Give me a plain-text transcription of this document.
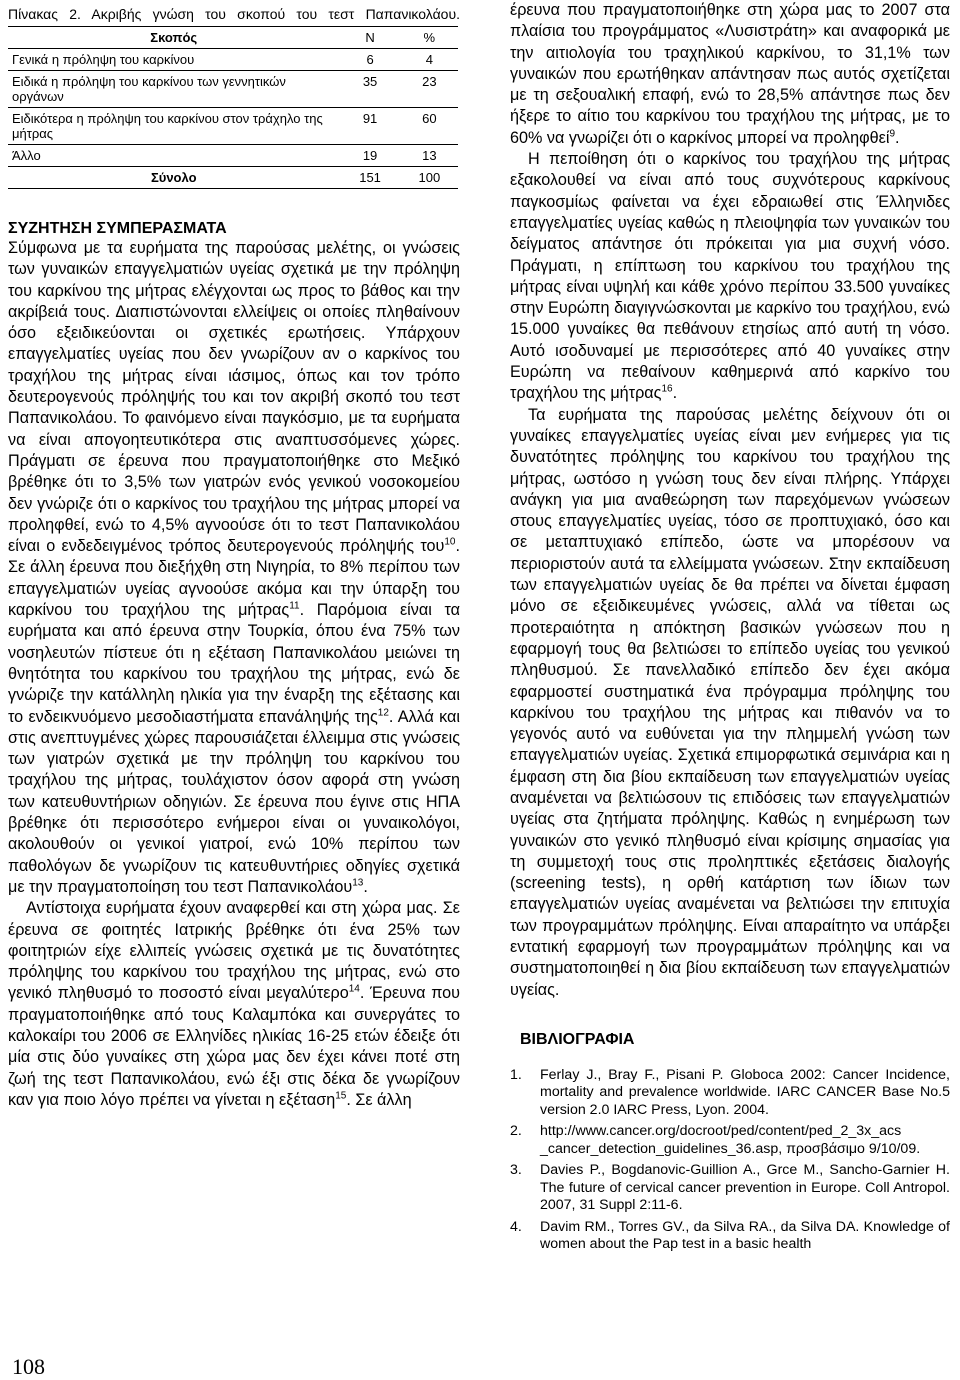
Πίνακας 2. Ακριβής γνώση του σκοπού του τεστ Παπανικολάου.

Σκοπός	Ν	%
Γενικά η πρόληψη του καρκίνου	6	4
Ειδικά η πρόληψη του καρκίνου των γεννητικών οργάνων	35	23
Ειδικότερα η πρόληψη του καρκίνου στον τράχηλο της μήτρας	91	60
Άλλο	19	13
Σύνολο	151	100
ΣΥΖΗΤΗΣΗ ΣΥΜΠΕΡΑΣΜΑΤΑ

Σύμφωνα με τα ευρήματα της παρούσας μελέτης, οι γνώσεις των γυναικών επαγγελματιών υγείας σχετικά με την πρόληψη του καρκίνου της μήτρας ελέγχονται ως προς το βάθος και την ακρίβειά τους. Διαπιστώνονται ελλείψεις οι οποίες πληθαίνουν όσο εξειδικεύονται οι σχετικές ερωτήσεις. Υπάρχουν επαγγελματίες υγείας που δεν γνωρίζουν αν ο καρκίνος του τραχήλου της μήτρας είναι ιάσιμος, όπως και τον τρόπο δευτερογενούς πρόληψής του και τον ακριβή σκοπό του τεστ Παπανικολάου. Το φαινόμενο είναι παγκόσμιο, με τα ευρήματα να είναι απογοητευτικότερα στις αναπτυσσόμενες χώρες. Πράγματι σε έρευνα που πραγματοποιήθηκε στο Μεξικό βρέθηκε ότι το 3,5% των γιατρών ενός γενικού νοσοκομείου δεν γνώριζε ότι ο καρκίνος του τραχήλου της μήτρας μπορεί να προληφθεί, ενώ το 4,5% αγνοούσε ότι το τεστ Παπανικολάου είναι ο ενδεδειγμένος τρόπος δευτερογενούς πρόληψής του$^{10}$. Σε άλλη έρευνα που διεξήχθη στη Νιγηρία, το 8% περίπου των επαγγελματιών υγείας αγνοούσε ακόμα και την ύπαρξη του καρκίνου του τραχήλου της μήτρας$^{11}$. Παρόμοια είναι τα ευρήματα και από έρευνα στην Τουρκία, όπου ένα 75% των νοσηλευτών πίστευε ότι η εξέταση Παπανικολάου μειώνει τη θνητότητα του καρκίνου του τραχήλου της μήτρας, ενώ δε γνώριζε την κατάλληλη ηλικία για την έναρξη της εξέτασης και το ενδεικνυόμενο μεσοδιαστήματα επανάληψής της$^{12}$. Αλλά και στις ανεπτυγμένες χώρες παρουσιάζεται έλλειμμα στις γνώσεις των γιατρών σχετικά με την πρόληψη του καρκίνου του τραχήλου της μήτρας, τουλάχιστον όσον αφορά στη γνώση των κατευθυντήριων οδηγιών. Σε έρευνα που έγινε στις ΗΠΑ βρέθηκε ότι περισσότερο ενήμεροι είναι οι γυναικολόγοι, ακολουθούν οι γενικοί γιατροί, ενώ 10% περίπου των παθολόγων δε γνωρίζουν τις κατευθυντήριες οδηγίες σχετικά με την πραγματοποίηση του τεστ Παπανικολάου$^{13}$.

Αντίστοιχα ευρήματα έχουν αναφερθεί και στη χώρα μας. Σε έρευνα σε φοιτητές Ιατρικής βρέθηκε ότι ένα 25% των φοιτητριών είχε ελλιπείς γνώσεις σχετικά με τις δυνατότητες πρόληψης του καρκίνου του τραχήλου της μήτρας, ενώ στο γενικό πληθυσμό το ποσοστό είναι μεγαλύτερο$^{14}$. Έρευνα που πραγματοποιήθηκε από τους Καλαμπόκα και συνεργάτες το καλοκαίρι του 2006 σε Ελληνίδες ηλικίας 16-25 ετών έδειξε ότι μία στις δύο γυναίκες στη χώρα μας δεν έχει κάνει ποτέ στη ζωή της τεστ Παπανικολάου, ενώ έξι στις δέκα δε γνωρίζουν καν για ποιο λόγο πρέπει να γίνεται η εξέταση$^{15}$. Σε άλλη

έρευνα που πραγματοποιήθηκε στη χώρα μας το 2007 στα πλαίσια του προγράμματος «Λυσιστράτη» και αναφορικά με την αιτιολογία του τραχηλικού καρκίνου, το 31,1% των γυναικών που ερωτήθηκαν απάντησαν πως αυτός σχετίζεται με τη σεξουαλική επαφή, ενώ το 28,5% απάντησε πως δεν ήξερε το αίτιο του καρκίνου του τραχήλου της μήτρας, με το 60% να γνωρίζει ότι ο καρκίνος μπορεί να προληφθεί$^9$.

Η πεποίθηση ότι ο καρκίνος του τραχήλου της μήτρας εξακολουθεί να είναι από τους συχνότερους καρκίνους παγκοσμίως φαίνεται να έχει εδραιωθεί στις Έλληνιδες επαγγελματίες υγείας καθώς η πλειοψηφία των γυναικών του δείγματος απάντησε ότι πρόκειται για μια συχνή νόσο. Πράγματι, η επίπτωση του καρκίνου του τραχήλου της μήτρας είναι υψηλή και κάθε χρόνο περίπου 33.500 γυναίκες στην Ευρώπη διαγιγνώσκονται με καρκίνο του τραχήλου, ενώ 15.000 γυναίκες θα πεθάνουν ετησίως από αυτή τη νόσο. Αυτό ισοδυναμεί με περισσότερες από 40 γυναίκες στην Ευρώπη να πεθαίνουν καθημερινά από καρκίνο του τραχήλου της μήτρας$^{16}$.

Τα ευρήματα της παρούσας μελέτης δείχνουν ότι οι γυναίκες επαγγελματίες υγείας είναι μεν ενήμερες για τις δυνατότητες πρόληψης του καρκίνου του τραχήλου της μήτρας, ωστόσο η γνώση τους δεν είναι πλήρης. Υπάρχει ανάγκη για μια αναθεώρηση των παρεχόμενων γνώσεων στους επαγγελματίες υγείας, τόσο σε προπτυχιακό, όσο και σε μεταπτυχιακό επίπεδο, ώστε να μπορέσουν να περιοριστούν αυτά τα ελλείμματα γνώσεων. Στην εκπαίδευση των επαγγελματιών υγείας δε θα πρέπει να δίνεται έμφαση μόνο σε εξειδικευμένες γνώσεις, αλλά να τίθεται ως προτεραιότητα η απόκτηση βασικών γνώσεων που η εφαρμογή τους θα βελτιώσει το επίπεδο υγείας του γενικού πληθυσμού. Σε πανελλαδικό επίπεδο δεν έχει ακόμα εφαρμοστεί συστηματικά ένα πρόγραμμα πρόληψης του καρκίνου του τραχήλου της μήτρας και πιθανόν να το γεγονός αυτό να ευθύνεται για την πλημμελή γνώση των επαγγελματιών υγείας. Σχετικά επιμορφωτικά σεμινάρια και η έμφαση στη δια βίου εκπαίδευση των επαγγελματιών υγείας αναμένεται να βελτιώσουν τις επιδόσεις των επαγγελματιών υγείας στα ζητήματα πρόληψης. Καθώς η ενημέρωση των γυναικών στο γενικό πληθυσμό είναι κρίσιμης σημασίας για τη συμμετοχή τους στις προληπτικές εξετάσεις διαλογής (screening tests), η ορθή κατάρτιση των ίδιων των επαγγελματιών υγείας αναμένεται να βελτιώσει την επιτυχία των προγραμμάτων πρόληψης. Είναι απαραίτητο να υπάρξει εντατική εφαρμογή των προγραμμάτων πρόληψης και να συστηματοποιηθεί η δια βίου εκπαίδευση των επαγγελματιών υγείας.

ΒΙΒΛΙΟΓΡΑΦΙΑ
1.	Ferlay J., Bray F., Pisani P. Globoca 2002: Cancer Incidence, mortality and prevalence worldwide. IARC CANCER Base No.5 version 2.0 IARC Press, Lyon. 2004.
2.	http://www.cancer.org/docroot/ped/content/ped_2_3x_acs _cancer_detection_guidelines_36.asp, προσβάσιμο 9/10/09.
3.	Davies P., Bogdanovic-Guillion A., Grce M., Sancho-Garnier H. The future of cervical cancer prevention in Europe. Coll Antropol. 2007, 31 Suppl 2:11-6.
4.	Davim RM., Torres GV., da Silva RA., da Silva DA. Knowledge of women about the Pap test in a basic health
108
